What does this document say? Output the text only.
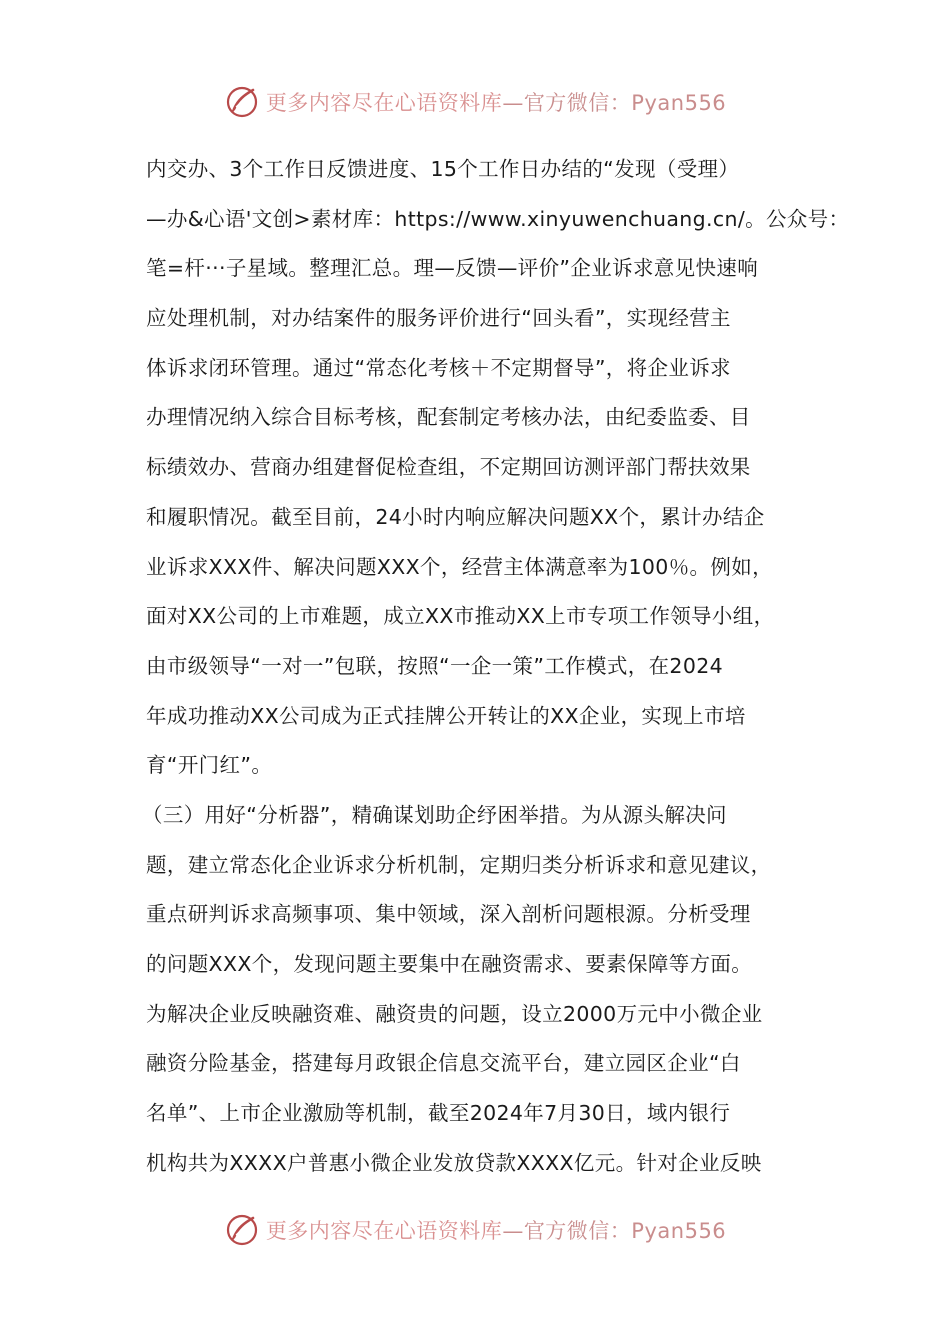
更多内容尽在心语资料库—官方微信：Pyan556
内交办、3个工作日反馈进度、15个工作日办结的“发现（受理）
—办&心语'文创>素材库：https://www.xinyuwenchuang.cn/。公众号：
笔=杆···子星域。整理汇总。理—反馈—评价”企业诉求意见快速响
应处理机制，对办结案件的服务评价进行“回头看”，实现经营主
体诉求闭环管理。通过“常态化考核＋不定期督导”，将企业诉求
办理情况纳入综合目标考核，配套制定考核办法，由纪委监委、目
标绩效办、营商办组建督促检查组，不定期回访测评部门帮扶效果
和履职情况。截至目前，24小时内响应解决问题XX个，累计办结企
业诉求XXX件、解决问题XXX个，经营主体满意率为100％。例如，
面对XX公司的上市难题，成立XX市推动XX上市专项工作领导小组，
由市级领导“一对一”包联，按照“一企一策”工作模式，在2024
年成功推动XX公司成为正式挂牌公开转让的XX企业，实现上市培
育“开门红”。
（三）用好“分析器”，精确谋划助企纾困举措。为从源头解决问
题，建立常态化企业诉求分析机制，定期归类分析诉求和意见建议，
重点研判诉求高频事项、集中领域，深入剖析问题根源。分析受理
的问题XXX个，发现问题主要集中在融资需求、要素保障等方面。
为解决企业反映融资难、融资贵的问题，设立2000万元中小微企业
融资分险基金，搭建每月政银企信息交流平台，建立园区企业“白
名单”、上市企业激励等机制，截至2024年7月30日，域内银行
机构共为XXXX户普惠小微企业发放贷款XXXX亿元。针对企业反映
更多内容尽在心语资料库—官方微信：Pyan556
